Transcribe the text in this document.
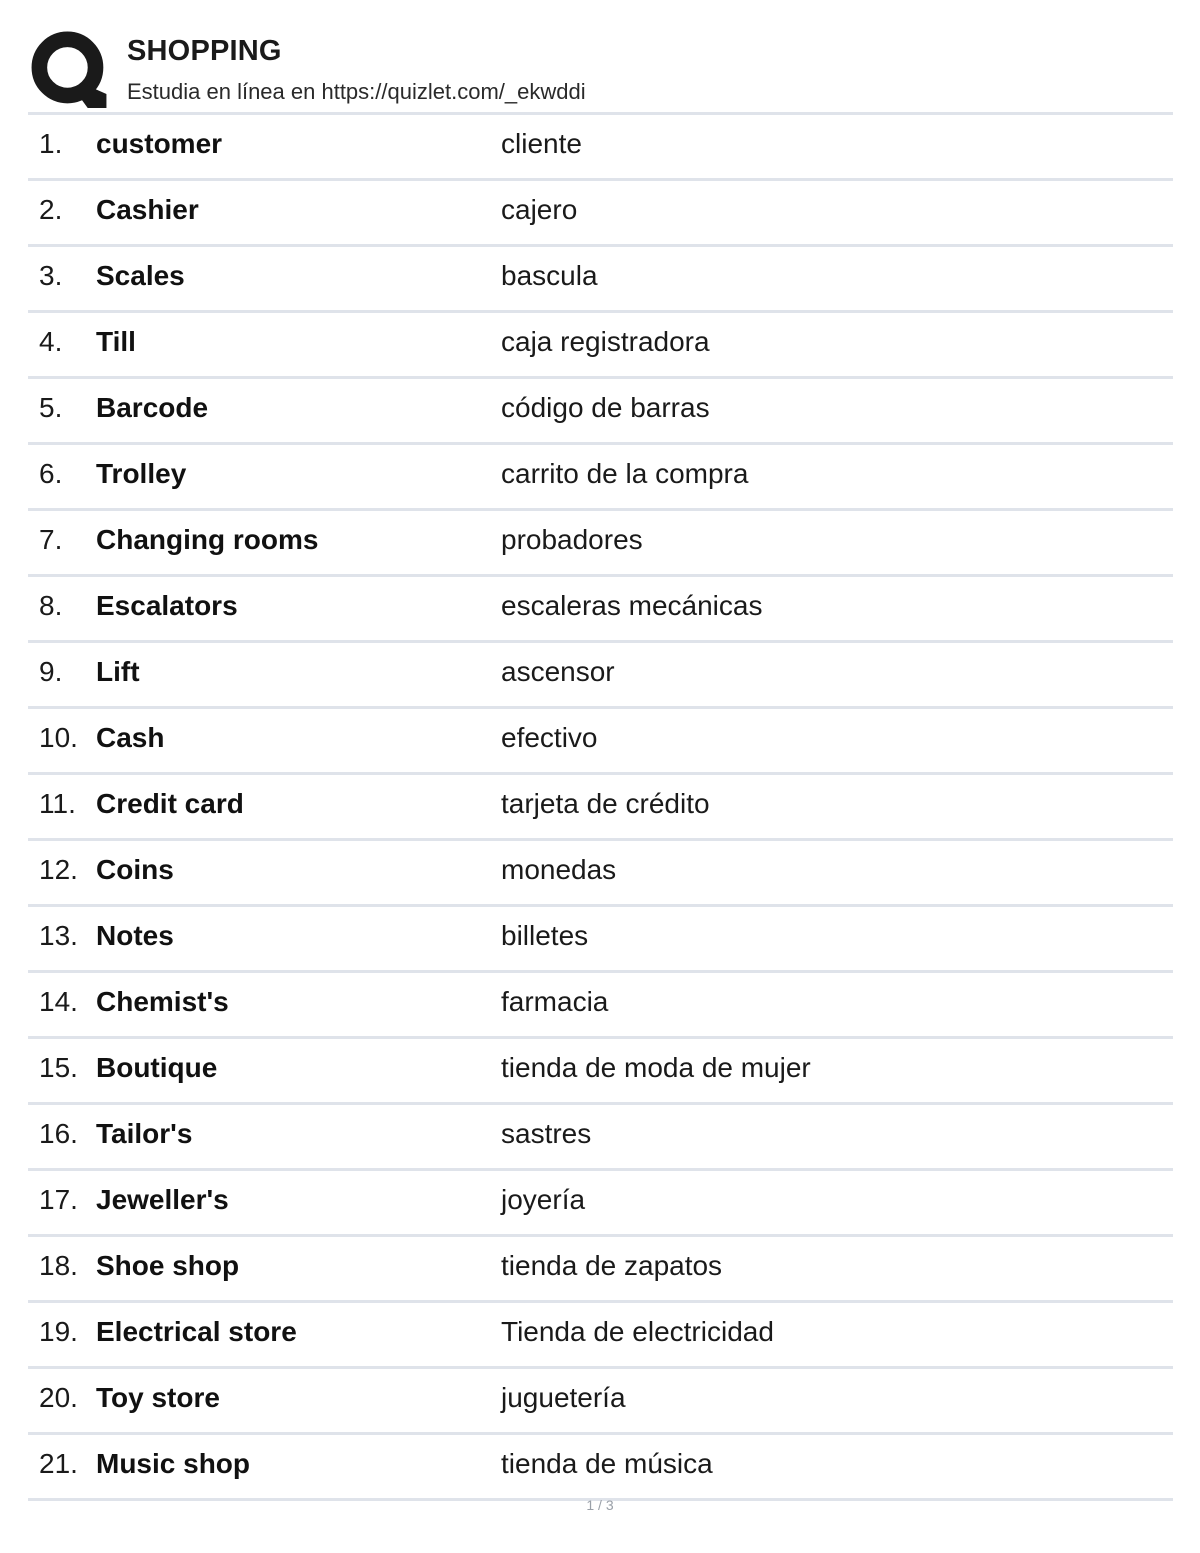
SHOPPING
Estudia en línea en https://quizlet.com/_ekwddi
1. customer	cliente
2. Cashier	cajero
3. Scales	bascula
4. Till	caja registradora
5. Barcode	código de barras
6. Trolley	carrito de la compra
7. Changing rooms	probadores
8. Escalators	escaleras mecánicas
9. Lift	ascensor
10. Cash	efectivo
11. Credit card	tarjeta de crédito
12. Coins	monedas
13. Notes	billetes
14. Chemist's	farmacia
15. Boutique	tienda de moda de mujer
16. Tailor's	sastres
17. Jeweller's	joyería
18. Shoe shop	tienda de zapatos
19. Electrical store	Tienda de electricidad
20. Toy store	juguetería
21. Music shop	tienda de música
1 / 3
